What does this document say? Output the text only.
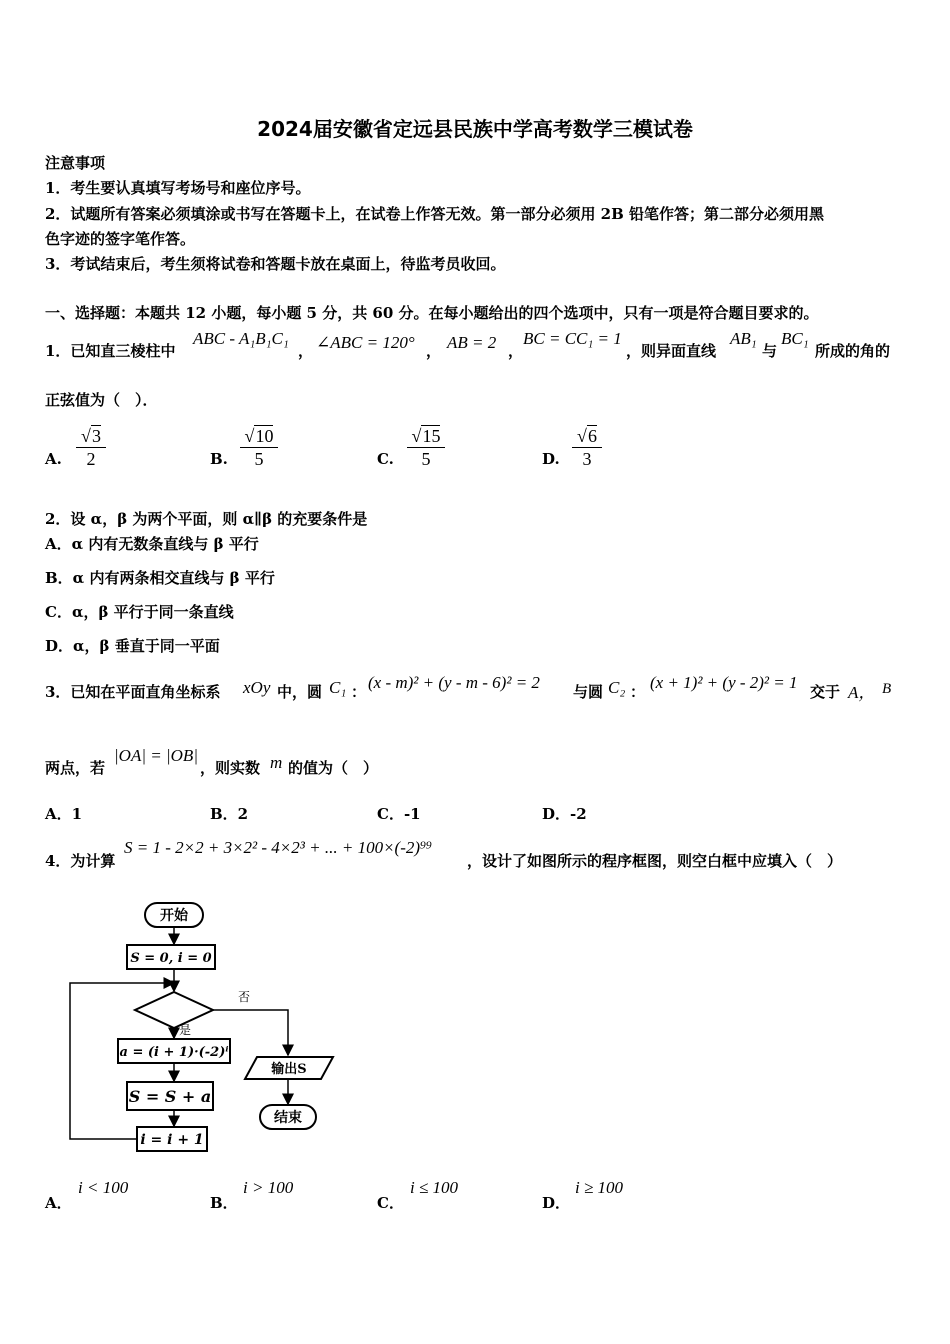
2024届安徽省定远县民族中学高考数学三模试卷
注意事项
1．考生要认真填写考场号和座位序号。
2．试题所有答案必须填涂或书写在答题卡上，在试卷上作答无效。第一部分必须用 2B 铅笔作答；第二部分必须用黑
色字迹的签字笔作答。
3．考试结束后，考生须将试卷和答题卡放在桌面上，待监考员收回。
一、选择题：本题共 12 小题，每小题 5 分，共 60 分。在每小题给出的四个选项中，只有一项是符合题目要求的。
1．已知直三棱柱中
ABC - A₁B₁C₁
， ∠ABC = 120° ， AB = 2 ，
BC = CC₁ = 1
，则异面直线
AB₁
与
BC₁
所成的角的
正弦值为（　）．
A. $\frac{√3}{2}$	B. $\frac{√10}{5}$	C. $\frac{√15}{5}$	D. $\frac{√6}{3}$
2．设 α，β 为两个平面，则 α∥β 的充要条件是
A．α 内有无数条直线与 β 平行
B．α 内有两条相交直线与 β 平行
C．α，β 平行于同一条直线
D．α，β 垂直于同一平面
3．已知在平面直角坐标系 xOy 中，圆 C₁ ： (x - m)² + (y - m - 6)² = 2 与圆 C₂ ： (x + 1)² + (y - 2)² = 1 交于 A， B
两点，若
|OA| = |OB|
，则实数 m 的值为（　）
A．1	B．2	C．-1	D．-2
4．为计算
S = 1 - 2×2 + 3×2² - 4×2³ + ... + 100×(-2)⁹⁹
，设计了如图所示的程序框图，则空白框中应填入（　）
开始
S = 0, i = 0
否
输出S
结束
是
a = (i + 1)·(-2)ⁱ
S = S + a
i = i + 1
A．
i < 100
B．
i > 100
C．
i ≤ 100
D．
i ≥ 100
